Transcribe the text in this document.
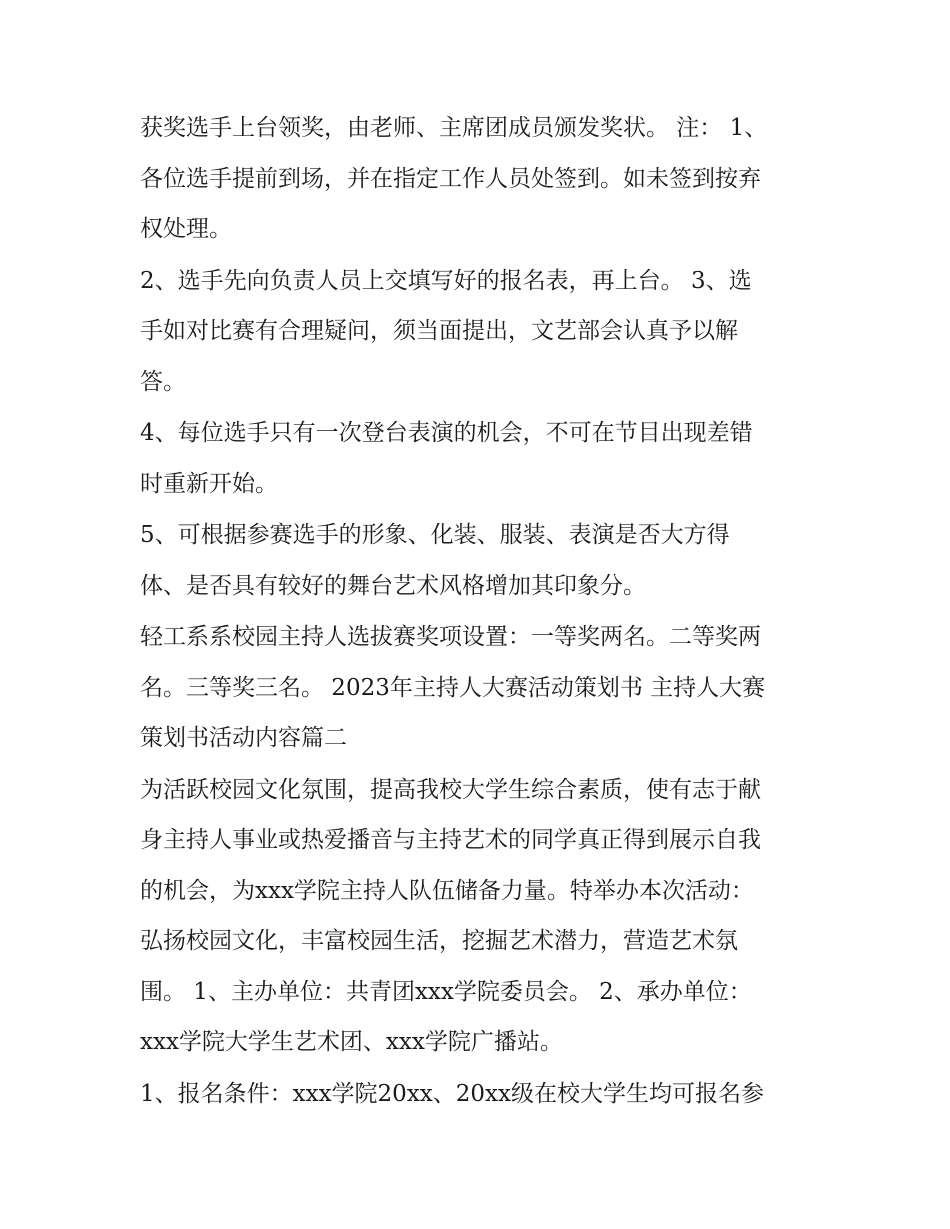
获奖选手上台领奖，由老师、主席团成员颁发奖状。 注： 1、
各位选手提前到场，并在指定工作人员处签到。如未签到按弃
权处理。
2、选手先向负责人员上交填写好的报名表，再上台。 3、选
手如对比赛有合理疑问，须当面提出，文艺部会认真予以解
答。
4、每位选手只有一次登台表演的机会，不可在节目出现差错
时重新开始。
5、可根据参赛选手的形象、化装、服装、表演是否大方得
体、是否具有较好的舞台艺术风格增加其印象分。
轻工系系校园主持人选拔赛奖项设置：一等奖两名。二等奖两
名。三等奖三名。 2023年主持人大赛活动策划书 主持人大赛
策划书活动内容篇二
为活跃校园文化氛围，提高我校大学生综合素质，使有志于献
身主持人事业或热爱播音与主持艺术的同学真正得到展示自我
的机会，为xxx学院主持人队伍储备力量。特举办本次活动：
弘扬校园文化，丰富校园生活，挖掘艺术潜力，营造艺术氛
围。 1、主办单位：共青团xxx学院委员会。 2、承办单位：
xxx学院大学生艺术团、xxx学院广播站。
1、报名条件：xxx学院20xx、20xx级在校大学生均可报名参
